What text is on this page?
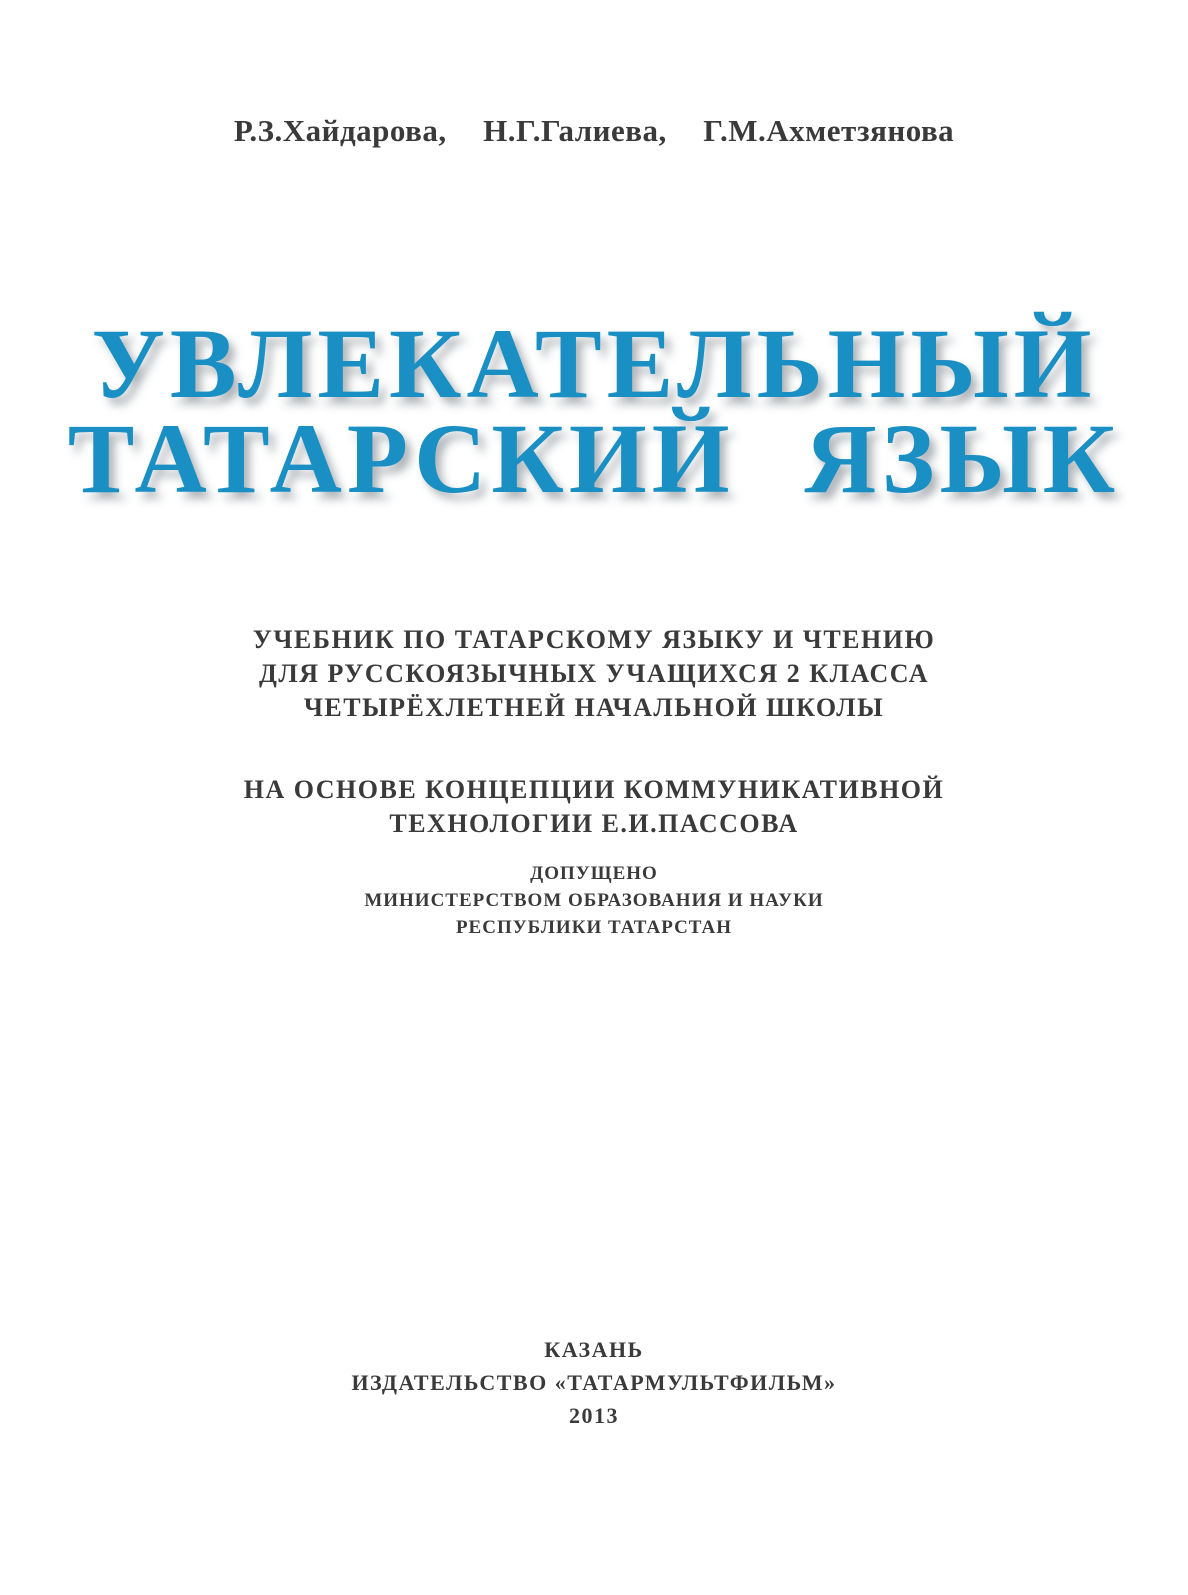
Р.З.Хайдарова, Н.Г.Галиева, Г.М.Ахметзянова
УВЛЕКАТЕЛЬНЫЙ
ТАТАРСКИЙ ЯЗЫК
УЧЕБНИК ПО ТАТАРСКОМУ ЯЗЫКУ И ЧТЕНИЮ
ДЛЯ РУССКОЯЗЫЧНЫХ УЧАЩИХСЯ 2 КЛАССА
ЧЕТЫРЁХЛЕТНЕЙ НАЧАЛЬНОЙ ШКОЛЫ
НА ОСНОВЕ КОНЦЕПЦИИ КОММУНИКАТИВНОЙ
ТЕХНОЛОГИИ Е.И.ПАССОВА
ДОПУЩЕНО
МИНИСТЕРСТВОМ ОБРАЗОВАНИЯ И НАУКИ
РЕСПУБЛИКИ ТАТАРСТАН
КАЗАНЬ
ИЗДАТЕЛЬСТВО «ТАТАРМУЛЬТФИЛЬМ»
2013
